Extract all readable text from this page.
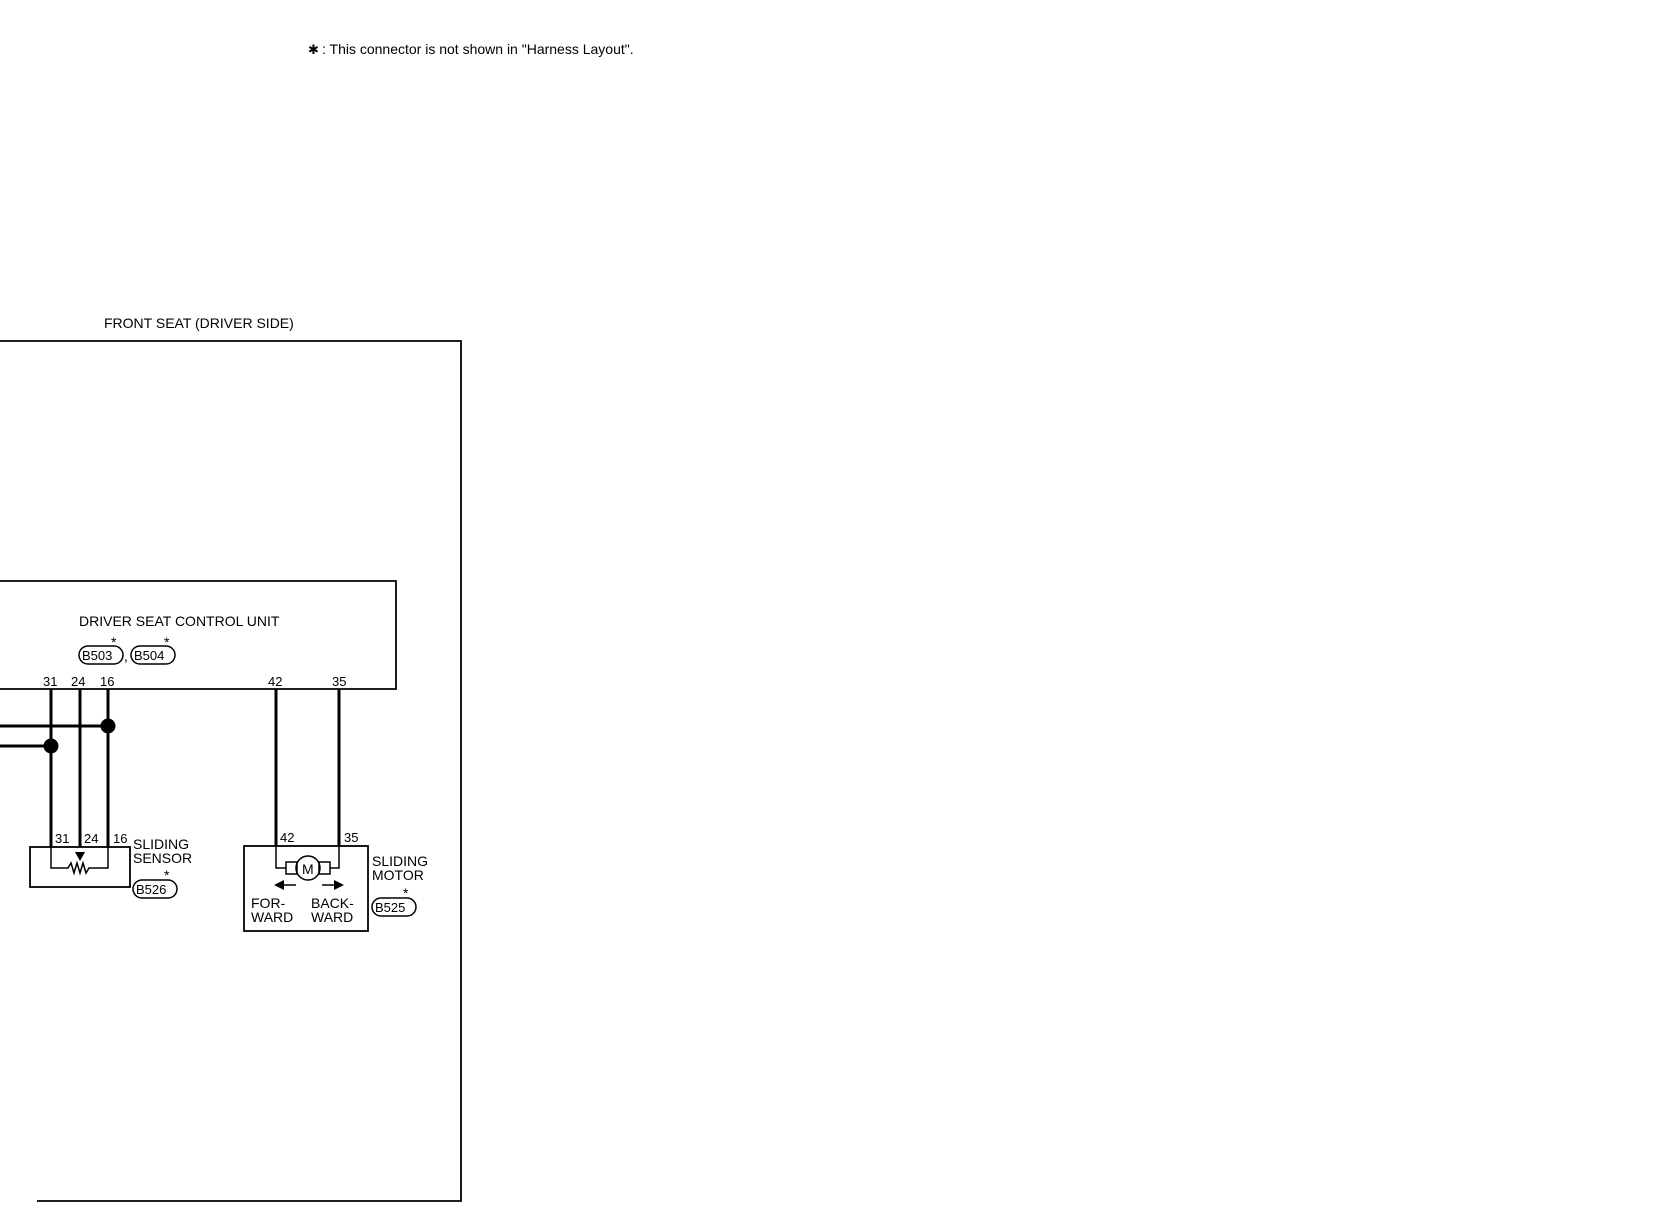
✱ : This connector is not shown in "Harness Layout".
FRONT SEAT (DRIVER SIDE)
DRIVER SEAT CONTROL UNIT
*
B503 ,
*
B504
31 24 16	42	35
31 24 16 SLIDING
SENSOR
*
B526
42	35
M
FOR-
WARD
BACK-
WARD
SLIDING
MOTOR
*
B525
